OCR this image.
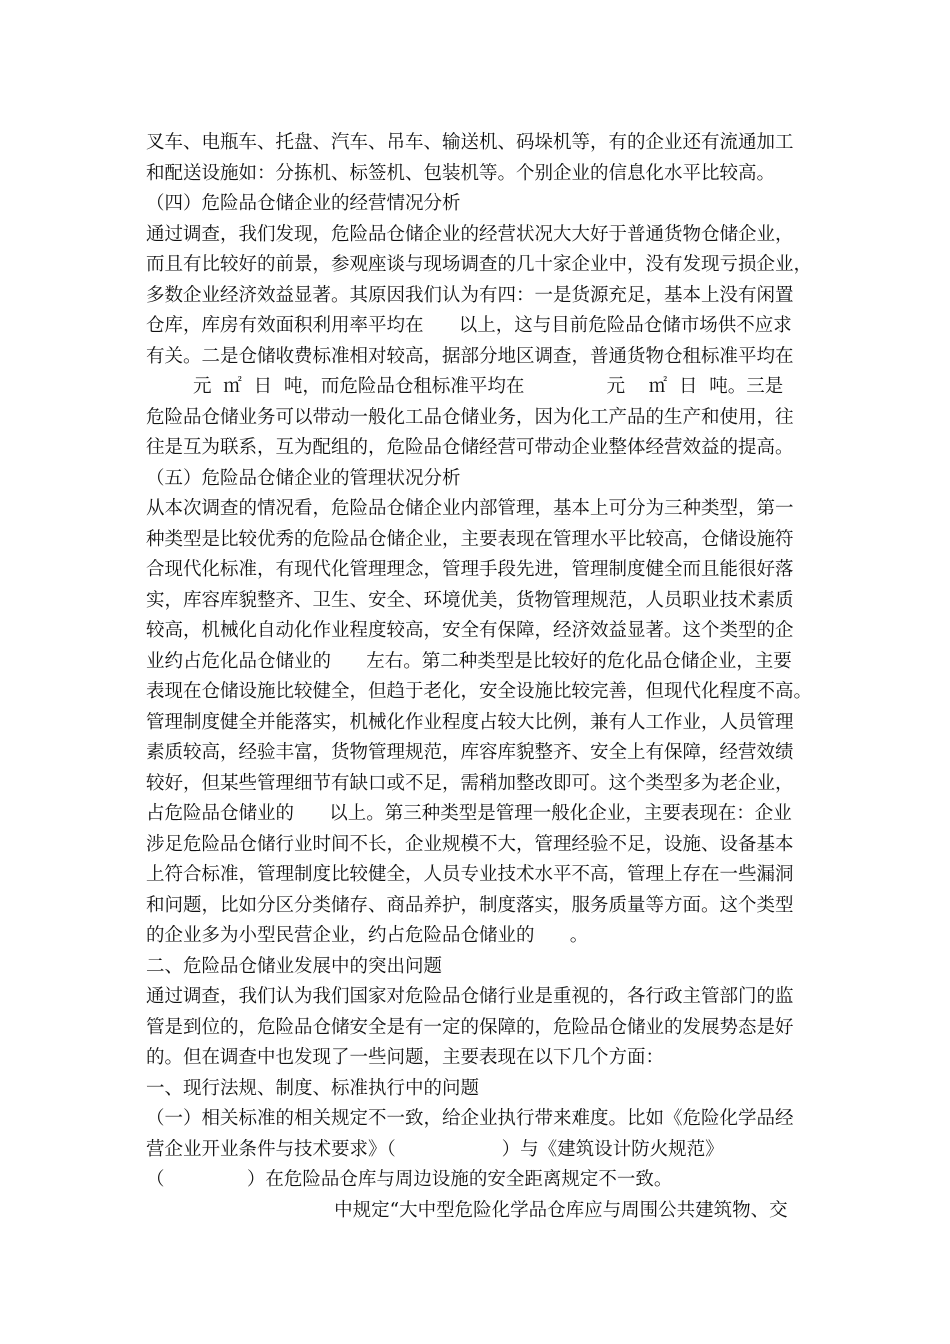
叉车、电瓶车、托盘、汽车、吊车、输送机、码垛机等，有的企业还有流通加工
和配送设施如：分拣机、标签机、包装机等。个别企业的信息化水平比较高。
（四）危险品仓储企业的经营情况分析
通过调查，我们发现，危险品仓储企业的经营状况大大好于普通货物仓储企业，
而且有比较好的前景，参观座谈与现场调查的几十家企业中，没有发现亏损企业，
多数企业经济效益显著。其原因我们认为有四：一是货源充足，基本上没有闲置
仓库，库房有效面积利用率平均在      以上，这与目前危险品仓储市场供不应求
有关。二是仓储收费标准相对较高，据部分地区调查，普通货物仓租标准平均在
元  ㎡  日  吨，而危险品仓租标准平均在              元    ㎡  日  吨。三是
危险品仓储业务可以带动一般化工品仓储业务，因为化工产品的生产和使用，往
往是互为联系，互为配组的，危险品仓储经营可带动企业整体经营效益的提高。
（五）危险品仓储企业的管理状况分析
从本次调查的情况看，危险品仓储企业内部管理，基本上可分为三种类型，第一
种类型是比较优秀的危险品仓储企业，主要表现在管理水平比较高，仓储设施符
合现代化标准，有现代化管理理念，管理手段先进，管理制度健全而且能很好落
实，库容库貌整齐、卫生、安全、环境优美，货物管理规范，人员职业技术素质
较高，机械化自动化作业程度较高，安全有保障，经济效益显著。这个类型的企
业约占危化品仓储业的      左右。第二种类型是比较好的危化品仓储企业，主要
表现在仓储设施比较健全，但趋于老化，安全设施比较完善，但现代化程度不高。
管理制度健全并能落实，机械化作业程度占较大比例，兼有人工作业，人员管理
素质较高，经验丰富，货物管理规范，库容库貌整齐、安全上有保障，经营效绩
较好，但某些管理细节有缺口或不足，需稍加整改即可。这个类型多为老企业，
占危险品仓储业的      以上。第三种类型是管理一般化企业，主要表现在：企业
涉足危险品仓储行业时间不长，企业规模不大，管理经验不足，设施、设备基本
上符合标准，管理制度比较健全，人员专业技术水平不高，管理上存在一些漏洞
和问题，比如分区分类储存、商品养护，制度落实，服务质量等方面。这个类型
的企业多为小型民营企业，约占危险品仓储业的      。
二、危险品仓储业发展中的突出问题
通过调查，我们认为我们国家对危险品仓储行业是重视的，各行政主管部门的监
管是到位的，危险品仓储安全是有一定的保障的，危险品仓储业的发展势态是好
的。但在调查中也发现了一些问题，主要表现在以下几个方面：
一、现行法规、制度、标准执行中的问题
（一）相关标准的相关规定不一致，给企业执行带来难度。比如《危险化学品经
营企业开业条件与技术要求》（                  ）与《建筑设计防火规范》
（              ）在危险品仓库与周边设施的安全距离规定不一致。
中规定“大中型危险化学品仓库应与周围公共建筑物、交
